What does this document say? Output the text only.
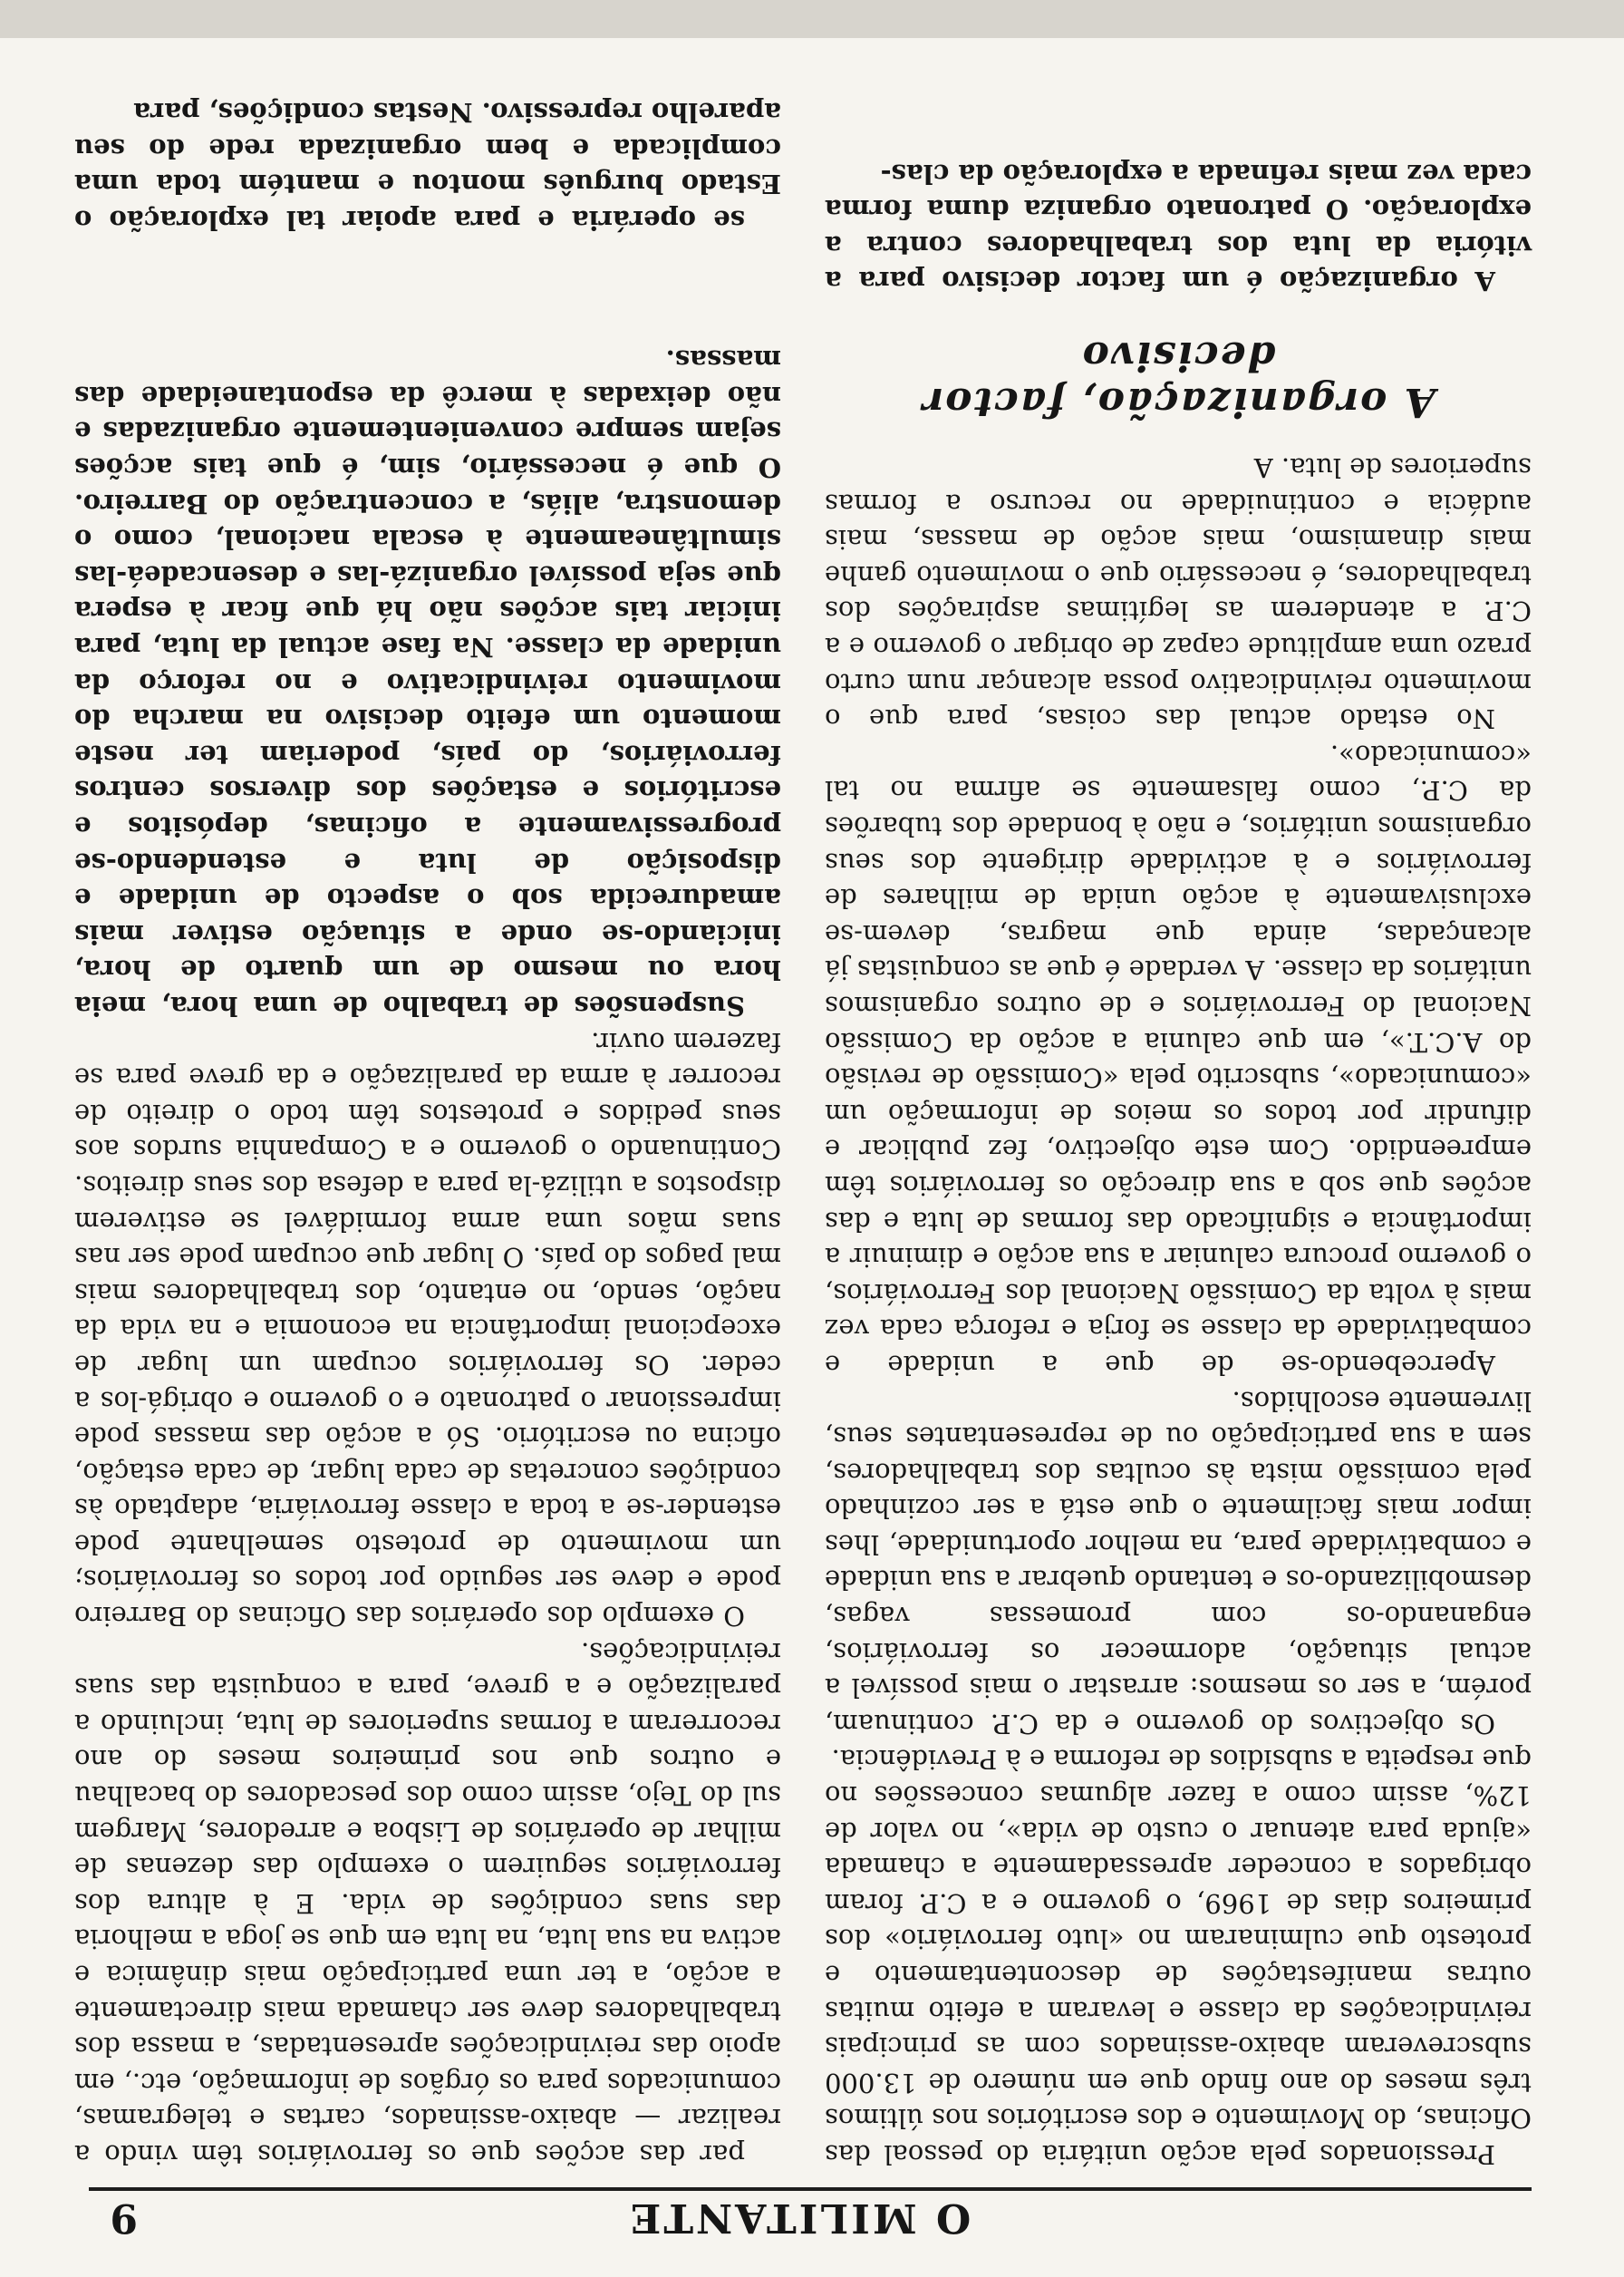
O MILITANTE
9

Pressionados pela acção unitária do pessoal das Oficinas, do Movimento e dos escritórios nos últimos três meses do ano findo que em número de 13.000 subscreveram abaixo-assinados com as principais reivindicações da classe e levaram a efeito muitas outras manifestações de descontentamento e protesto que culminaram no «luto ferroviário» dos primeiros dias de 1969, o governo e a C.P. foram obrigados a conceder apressadamente a chamada «ajuda para atenuar o custo de vida», no valor de 12%, assim como a fazer algumas concessões no que respeita a subsídios de reforma e à Previdência.

Os objectivos do governo e da C.P. continuam, porém, a ser os mesmos: arrastar o mais possível a actual situação, adormecer os ferroviários, enganando-os com promessas vagas, desmobilizando-os e tentando quebrar a sua unidade e combatividade para, na melhor oportunidade, lhes impor mais fàcilmente o que está a ser cozinhado pela comissão mista às ocultas dos trabalhadores, sem a sua participação ou de representantes seus, livremente escolhidos.

Apercebendo-se de que a unidade e combatividade da classe se forja e reforça cada vez mais à volta da Comissão Nacional dos Ferroviários, o governo procura caluniar a sua acção e diminuir a importância e significado das formas de luta e das acções que sob a sua direcção os ferroviários têm empreendido. Com este objectivo, fez publicar e difundir por todos os meios de informação um «comunicado», subscrito pela «Comissão de revisão do A.C.T.», em que calunia a acção da Comissão Nacional do Ferroviários e de outros organismos unitários da classe. A verdade é que as conquistas já alcançadas, ainda que magras, devem-se exclusivamente à acção unida de milhares de ferroviários e à actividade dirigente dos seus organismos unitários, e não à bondade dos tubarões da C.P., como falsamente se afirma no tal «comunicado».

No estado actual das coisas, para que o movimento reivindicativo possa alcançar num curto prazo uma amplitude capaz de obrigar o governo e a C.P. a atenderem as legítimas aspirações dos trabalhadores, é necessário que o movimento ganhe mais dinamismo, mais acção de massas, mais audácia e continuidade no recurso a formas superiores de luta. A

A organização, factor decisivo

A organização é um factor decisivo para a vitória da luta dos trabalhadores contra a exploração. O patronato organiza duma forma cada vez mais refinada a exploração da clas-

par das acções que os ferroviários têm vindo a realizar — abaixo-assinados, cartas e telegramas, comunicados para os órgãos de informação, etc., em apoio das reivindicações apresentadas, a massa dos trabalhadores deve ser chamada mais directamente a acção, a ter uma participação mais dinâmica e activa na sua luta, na luta em que se joga a melhoria das suas condições de vida. E à altura dos ferroviários seguirem o exemplo das dezenas de milhar de operários de Lisboa e arredores, Margem sul do Tejo, assim como dos pescadores do bacalhau e outros que nos primeiros meses do ano recorreram a formas superiores de luta, incluindo a paralização e a greve, para a conquista das suas reivindicações.

O exemplo dos operários das Oficinas do Barreiro pode e deve ser seguido por todos os ferroviários; um movimento de protesto semelhante pode estender-se a toda a classe ferroviária, adaptado às condições concretas de cada lugar, de cada estação, oficina ou escritório. Só a acção das massas pode impressionar o patronato e o governo e obrigá-los a ceder. Os ferroviários ocupam um lugar de excepcional importância na economia e na vida da nação, sendo, no entanto, dos trabalhadores mais mal pagos do país. O lugar que ocupam pode ser nas suas mãos uma arma formidável se estiverem dispostos a utilizá-la para a defesa dos seus direitos. Continuando o governo e a Companhia surdos aos seus pedidos e protestos têm todo o direito de recorrer à arma da paralização e da greve para se fazerem ouvir.

Suspensões de trabalho de uma hora, meia hora ou mesmo de um quarto de hora, iniciando-se onde a situação estiver mais amadurecida sob o aspecto de unidade e disposição de luta e estendendo-se progressivamente a oficinas, depósitos e escritórios e estações dos diversos centros ferroviários, do país, poderiam ter neste momento um efeito decisivo na marcha do movimento reivindicativo e no reforço da unidade da classe. Na fase actual da luta, para iniciar tais acções não há que ficar à espera que seja possível organizá-las e desencadeá-las simultâneamente à escala nacional, como o demonstra, aliás, a concentração do Barreiro. O que é necessário, sim, é que tais acções sejam sempre convenientemente organizadas e não deixadas à mercê da espontaneidade das massas.

se operária e para apoiar tal exploração o Estado burguês montou e mantém toda uma complicada e bem organizada rede do seu aparelho repressivo. Nestas condições, para
